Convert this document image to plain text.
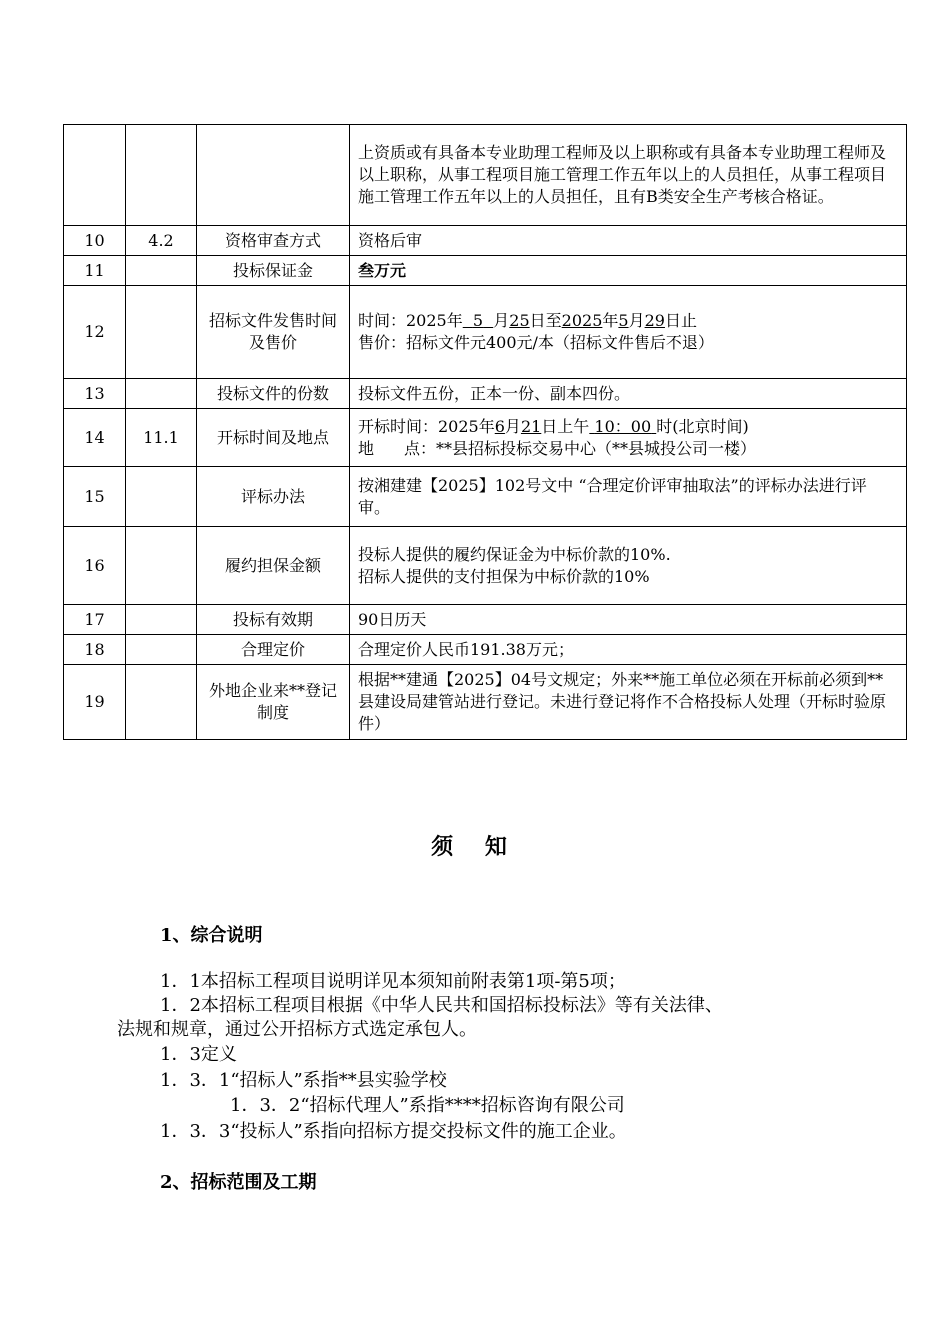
			上资质或有具备本专业助理工程师及以上职称或有具备本专业助理工程师及以上职称，从事工程项目施工管理工作五年以上的人员担任，从事工程项目施工管理工作五年以上的人员担任，且有B类安全生产考核合格证。
10	4.2	资格审查方式	资格后审
11		投标保证金	叁万元
12		招标文件发售时间及售价	时间：2025年 5 月25日至2025年5月29日止
售价：招标文件元400元/本（招标文件售后不退）

13		投标文件的份数	投标文件五份，正本一份、副本四份。
14	11.1	开标时间及地点	开标时间：2025年6月21日上午 10：00 时(北京时间)
地 点：**县招标投标交易中心（**县城投公司一楼）

15		评标办法	按湘建建【2025】102号文中 “合理定价评审抽取法”的评标办法进行评审。
16		履约担保金额	投标人提供的履约保证金为中标价款的10%.
招标人提供的支付担保为中标价款的10%

17		投标有效期	90日历天
18		合理定价	合理定价人民币191.38万元；
19		外地企业来**登记制度	根据**建通【2025】04号文规定；外来**施工单位必须在开标前必须到**县建设局建管站进行登记。未进行登记将作不合格投标人处理（开标时验原件）
须 知
1、综合说明
1．1本招标工程项目说明详见本须知前附表第1项-第5项；
1．2本招标工程项目根据《中华人民共和国招标投标法》等有关法律、
法规和规章，通过公开招标方式选定承包人。
1．3定义
1．3．1“招标人”系指**县实验学校
1．3．2“招标代理人”系指****招标咨询有限公司
1．3．3“投标人”系指向招标方提交投标文件的施工企业。
2、招标范围及工期
